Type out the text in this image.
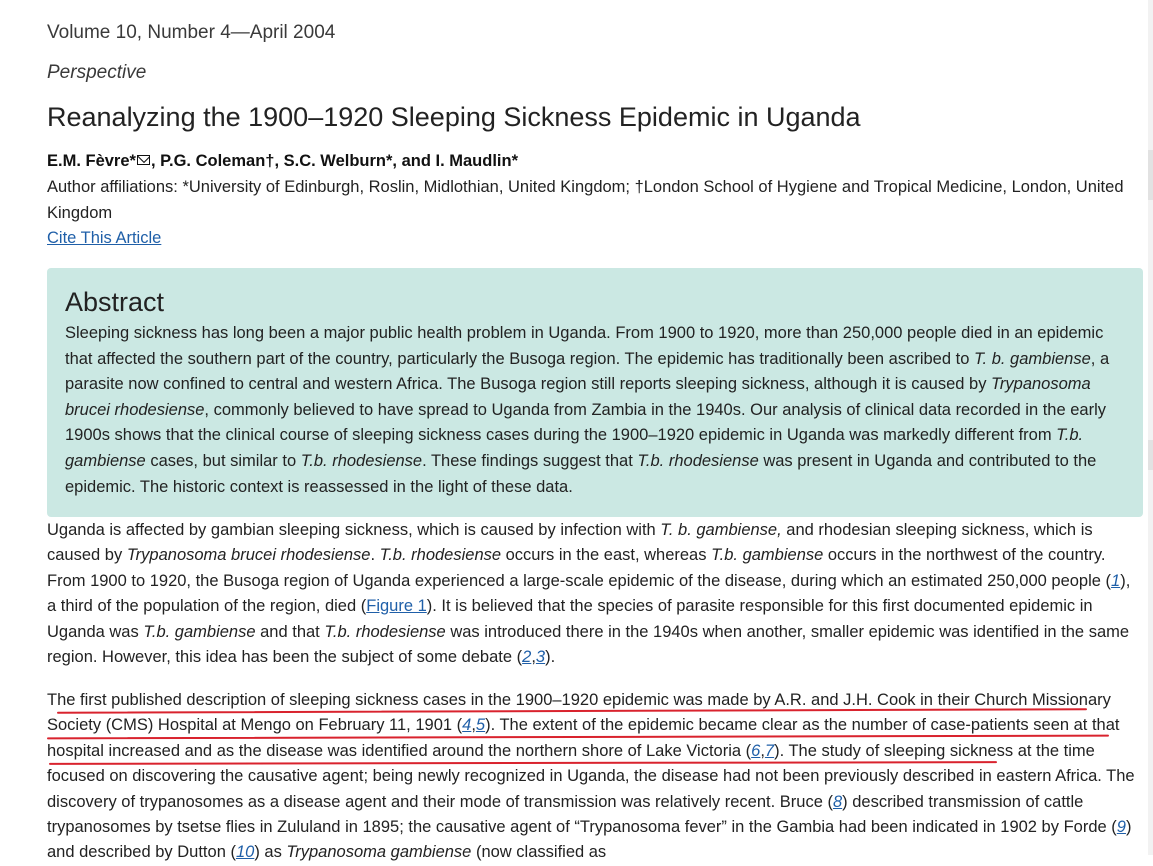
Volume 10, Number 4—April 2004
Perspective
Reanalyzing the 1900–1920 Sleeping Sickness Epidemic in Uganda
E.M. Fèvre* , P.G. Coleman†, S.C. Welburn*, and I. Maudlin*
Author affiliations: *University of Edinburgh, Roslin, Midlothian, United Kingdom; †London School of Hygiene and Tropical Medicine, London, United Kingdom
Cite This Article
Abstract

Sleeping sickness has long been a major public health problem in Uganda. From 1900 to 1920, more than 250,000 people died in an epidemic that affected the southern part of the country, particularly the Busoga region. The epidemic has traditionally been ascribed to T. b. gambiense, a parasite now confined to central and western Africa. The Busoga region still reports sleeping sickness, although it is caused by Trypanosoma brucei rhodesiense, commonly believed to have spread to Uganda from Zambia in the 1940s. Our analysis of clinical data recorded in the early 1900s shows that the clinical course of sleeping sickness cases during the 1900–1920 epidemic in Uganda was markedly different from T.b. gambiense cases, but similar to T.b. rhodesiense. These findings suggest that T.b. rhodesiense was present in Uganda and contributed to the epidemic. The historic context is reassessed in the light of these data.

Uganda is affected by gambian sleeping sickness, which is caused by infection with T. b. gambiense, and rhodesian sleeping sickness, which is caused by Trypanosoma brucei rhodesiense. T.b. rhodesiense occurs in the east, whereas T.b. gambiense occurs in the northwest of the country. From 1900 to 1920, the Busoga region of Uganda experienced a large-scale epidemic of the disease, during which an estimated 250,000 people (1), a third of the population of the region, died (Figure 1). It is believed that the species of parasite responsible for this first documented epidemic in Uganda was T.b. gambiense and that T.b. rhodesiense was introduced there in the 1940s when another, smaller epidemic was identified in the same region. However, this idea has been the subject of some debate (2,3).

The first published description of sleeping sickness cases in the 1900–1920 epidemic was made by A.R. and J.H. Cook in their Church Missionary Society (CMS) Hospital at Mengo on February 11, 1901 (4,5). The extent of the epidemic became clear as the number of case-patients seen at that hospital increased and as the disease was identified around the northern shore of Lake Victoria (6,7). The study of sleeping sickness at the time focused on discovering the causative agent; being newly recognized in Uganda, the disease had not been previously described in eastern Africa. The discovery of trypanosomes as a disease agent and their mode of transmission was relatively recent. Bruce (8) described transmission of cattle trypanosomes by tsetse flies in Zululand in 1895; the causative agent of “Trypanosoma fever” in the Gambia had been indicated in 1902 by Forde (9) and described by Dutton (10) as Trypanosoma gambiense (now classified as
